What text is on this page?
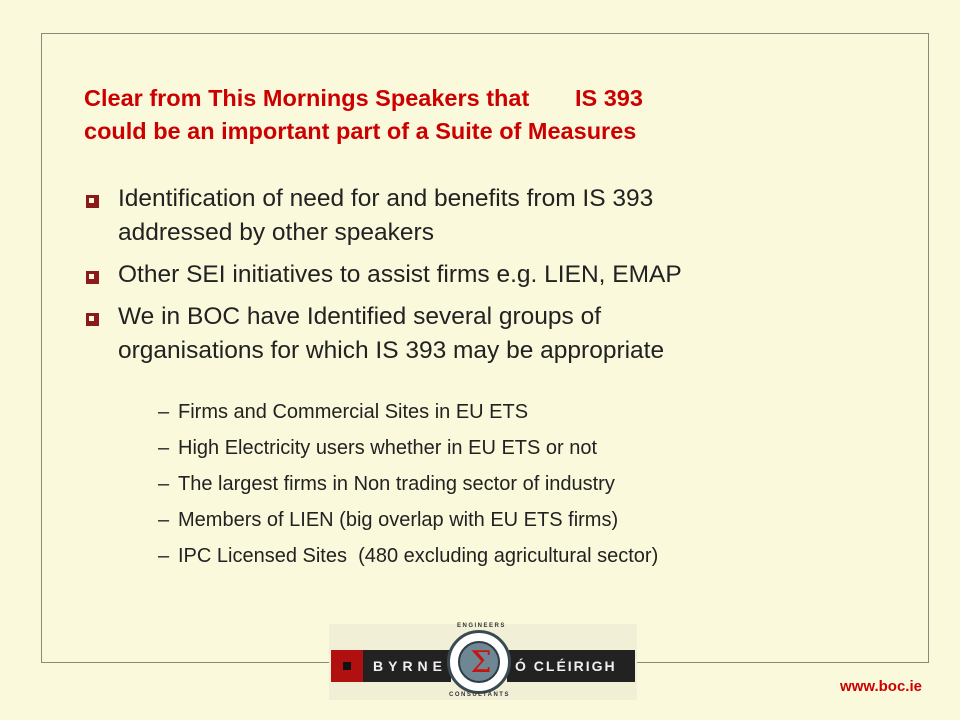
Clear from This Mornings Speakers that       IS 393
could be an important part of a Suite of Measures
Identification of need for and benefits from IS 393
addressed by other speakers
Other SEI initiatives to assist firms e.g. LIEN, EMAP
We in BOC have Identified several groups of
organisations for which IS 393 may be appropriate
– Firms and Commercial Sites in EU ETS
– High Electricity users whether in EU ETS or not
– The largest firms in Non trading sector of industry
– Members of LIEN (big overlap with EU ETS firms)
– IPC Licensed Sites  (480 excluding agricultural sector)
BYRNE	Ó CLÉIRIGH
Σ
ENGINEERS
CONSULTANTS	www.boc.ie
